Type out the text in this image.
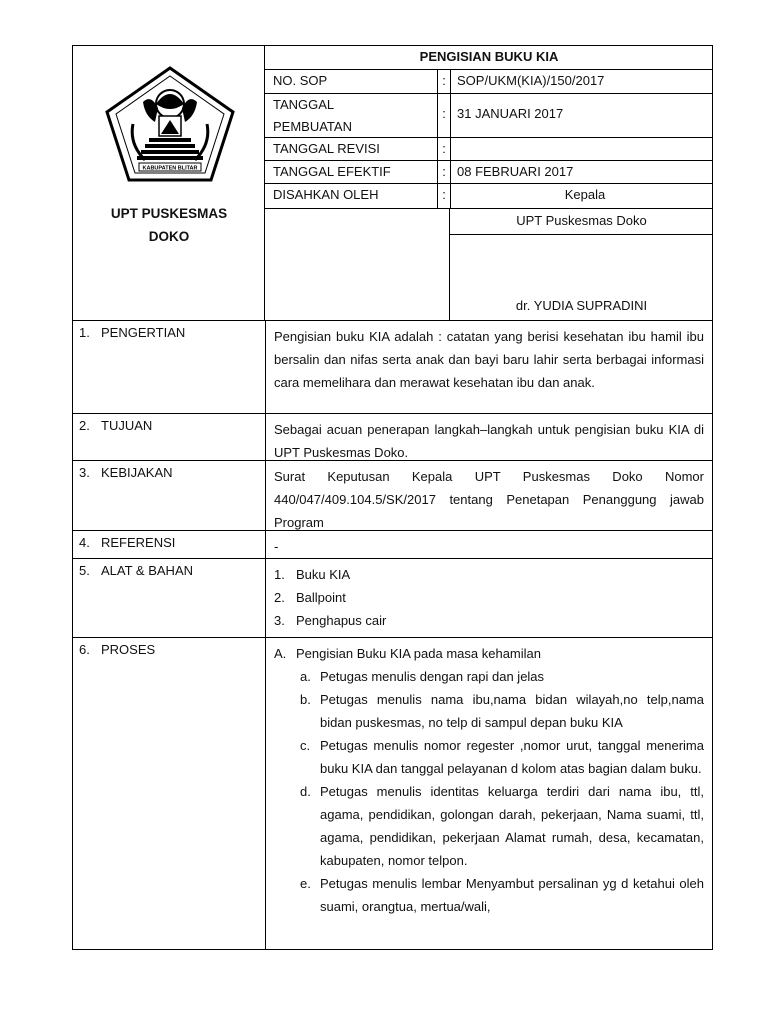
KABUPATEN BLITAR
UPT PUSKESMAS
DOKO
PENGISIAN BUKU KIA
NO. SOP	: SOP/UKM(KIA)/150/2017
TANGGAL
PEMBUATAN
: 31 JANUARI 2017
TANGGAL REVISI	:
TANGGAL EFEKTIF	: 08 FEBRUARI 2017
DISAHKAN OLEH	:	Kepala
UPT Puskesmas Doko
dr. YUDIA SUPRADINI
1. PENGERTIAN	Pengisian buku KIA adalah : catatan yang berisi kesehatan ibu hamil ibu bersalin dan nifas serta anak dan bayi baru lahir serta berbagai informasi cara memelihara dan merawat kesehatan ibu dan anak.

2. TUJUAN	Sebagai acuan penerapan langkah–langkah untuk pengisian buku KIA di UPT Puskesmas Doko.

3. KEBIJAKAN	Surat Keputusan Kepala UPT Puskesmas Doko Nomor 440/047/409.104.5/SK/2017 tentang Penetapan Penanggung jawab Program

4. REFERENSI	-

5. ALAT & BAHAN	1. Buku KIA
2. Ballpoint
3. Penghapus cair
6. PROSES	A. Pengisian Buku KIA pada masa kehamilan
a. Petugas menulis dengan rapi dan jelas
b. Petugas menulis nama ibu,nama bidan wilayah,no telp,nama bidan puskesmas, no telp di sampul depan buku KIA
c. Petugas menulis nomor regester ,nomor urut, tanggal menerima buku KIA dan tanggal pelayanan d kolom atas bagian dalam buku.
d. Petugas menulis identitas keluarga terdiri dari nama ibu, ttl, agama, pendidikan, golongan darah, pekerjaan, Nama suami, ttl, agama, pendidikan, pekerjaan Alamat rumah, desa, kecamatan, kabupaten, nomor telpon.
e. Petugas menulis lembar Menyambut persalinan yg d ketahui oleh suami, orangtua, mertua/wali,
